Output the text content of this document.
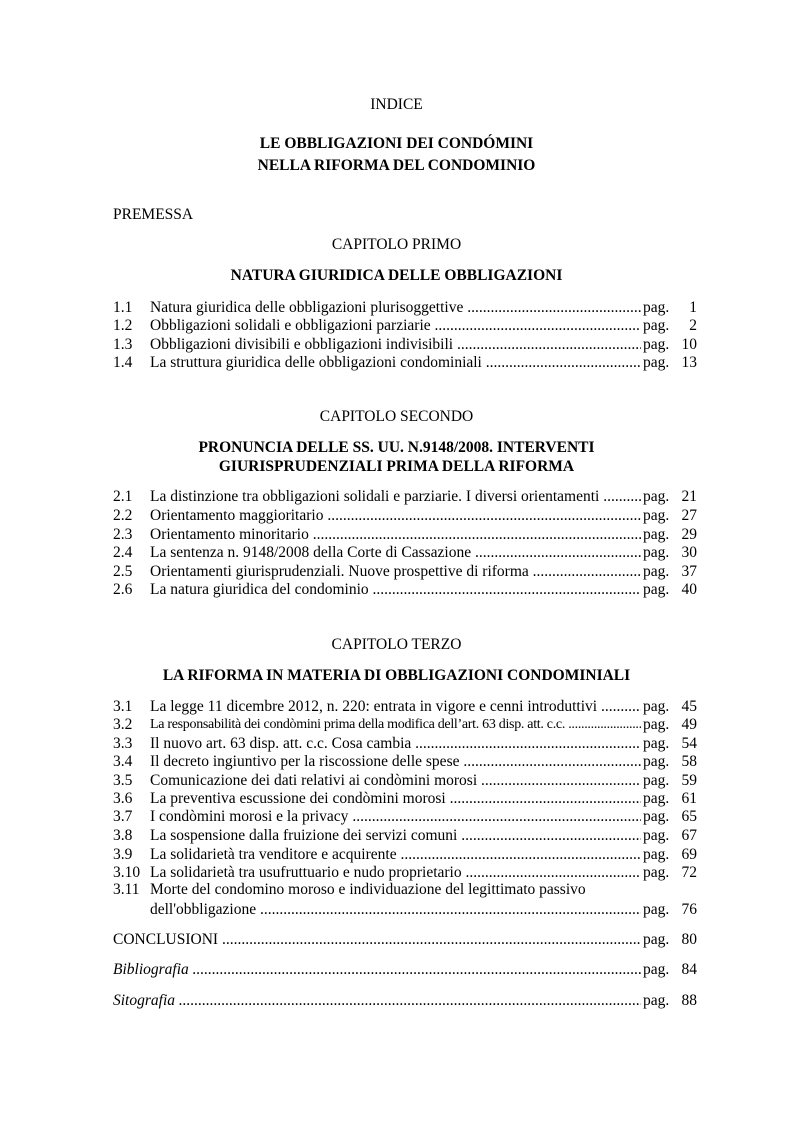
INDICE
LE OBBLIGAZIONI DEI CONDÓMINI
NELLA RIFORMA DEL CONDOMINIO
PREMESSA
CAPITOLO PRIMO
NATURA GIURIDICA DELLE OBBLIGAZIONI
1.1 Natura giuridica delle obbligazioni plurisoggettive .....	pag. 1
1.2 Obbligazioni solidali e obbligazioni parziarie .....	pag. 2
1.3 Obbligazioni divisibili e obbligazioni indivisibili .....	pag. 10
1.4 La struttura giuridica delle obbligazioni condominiali .....	pag. 13
CAPITOLO SECONDO
PRONUNCIA DELLE SS. UU. N.9148/2008. INTERVENTI
GIURISPRUDENZIALI PRIMA DELLA RIFORMA
2.1 La distinzione tra obbligazioni solidali e parziarie. I diversi orientamenti .....	pag. 21
2.2 Orientamento maggioritario .....	pag. 27
2.3 Orientamento minoritario .....	pag. 29
2.4 La sentenza n. 9148/2008 della Corte di Cassazione .....	pag. 30
2.5 Orientamenti giurisprudenziali. Nuove prospettive di riforma .....	pag. 37
2.6 La natura giuridica del condominio .....	pag. 40
CAPITOLO TERZO
LA RIFORMA IN MATERIA DI OBBLIGAZIONI CONDOMINIALI
3.1 La legge 11 dicembre 2012, n. 220: entrata in vigore e cenni introduttivi .....	pag. 45
3.2 La responsabilità dei condòmini prima della modifica dell’art. 63 disp. att. c.c. .....	pag. 49
3.3 Il nuovo art. 63 disp. att. c.c. Cosa cambia .....	pag. 54
3.4 Il decreto ingiuntivo per la riscossione delle spese .....	pag. 58
3.5 Comunicazione dei dati relativi ai condòmini morosi .....	pag. 59
3.6 La preventiva escussione dei condòmini morosi .....	pag. 61
3.7 I condòmini morosi e la privacy .....	pag. 65
3.8 La sospensione dalla fruizione dei servizi comuni .....	pag. 67
3.9 La solidarietà tra venditore e acquirente .....	pag. 69
3.10 La solidarietà tra usufruttuario e nudo proprietario .....	pag. 72
3.11 Morte del condomino moroso e individuazione del legittimato passivo
dell'obbligazione .....	pag. 76
CONCLUSIONI .....	pag. 80
Bibliografia .....	pag. 84
Sitografia .....	pag. 88
